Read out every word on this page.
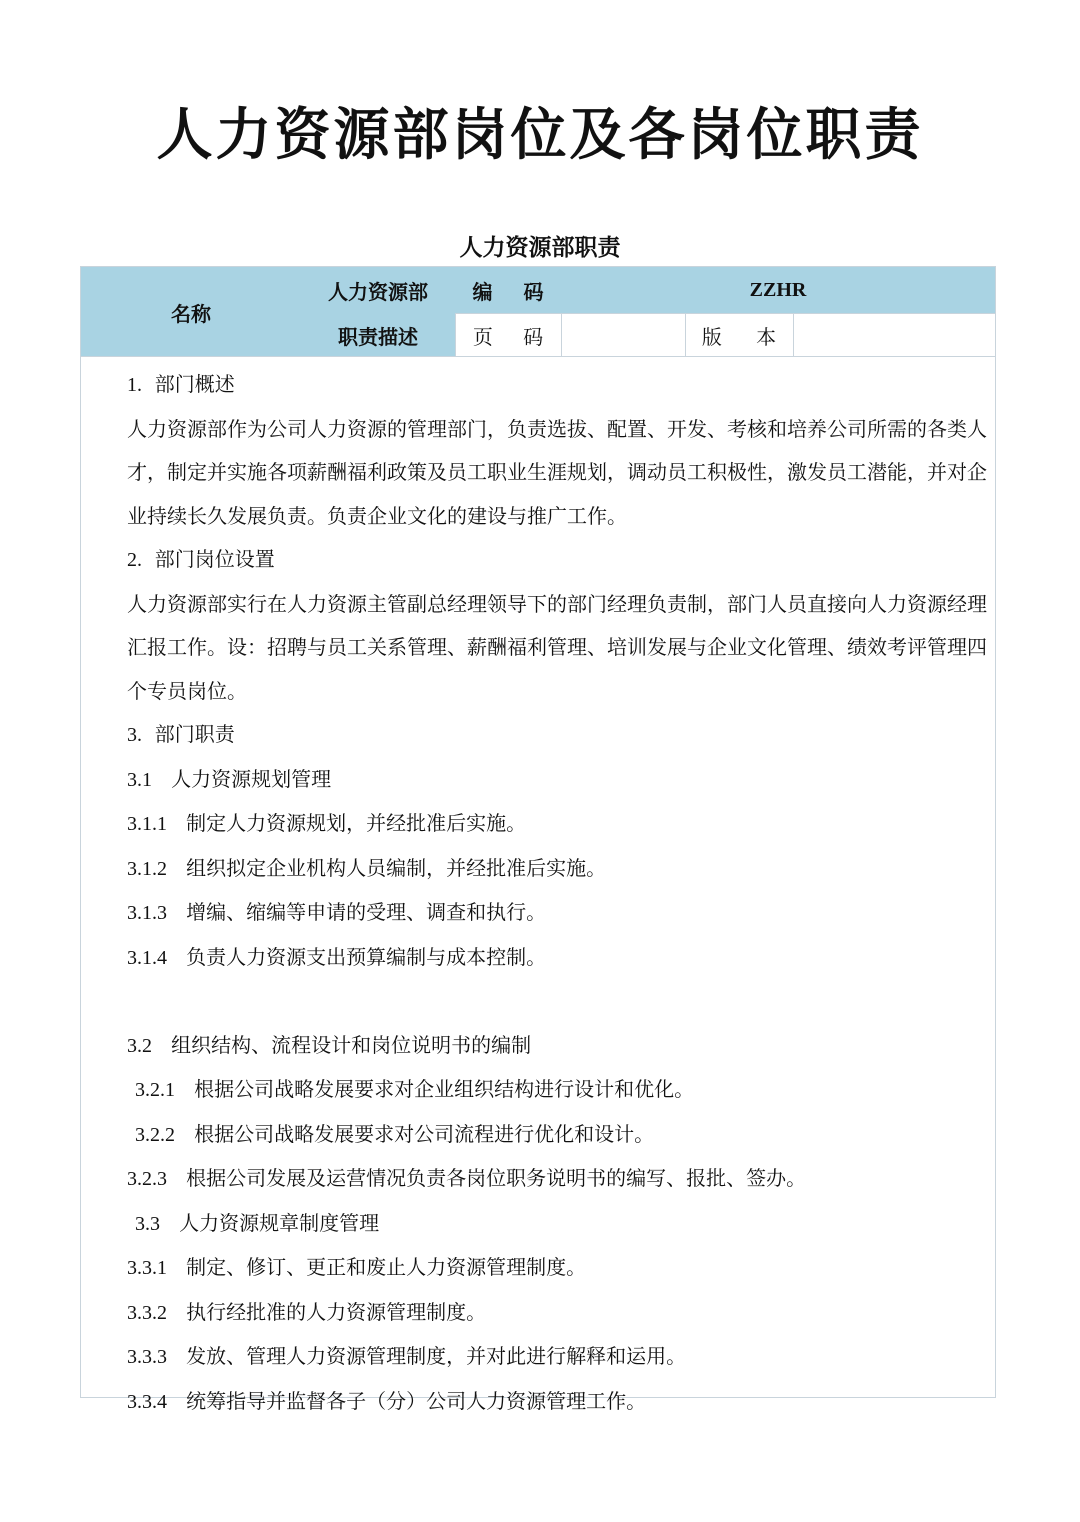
人力资源部岗位及各岗位职责
人力资源部职责
名称
人力资源部
职责描述
编 码	ZZHR
页 码	版 本

1. 部门概述

人力资源部作为公司人力资源的管理部门，负责选拔、配置、开发、考核和培养公司所需的各类人才，制定并实施各项薪酬福利政策及员工职业生涯规划，调动员工积极性，激发员工潜能，并对企业持续长久发展负责。负责企业文化的建设与推广工作。

2. 部门岗位设置

人力资源部实行在人力资源主管副总经理领导下的部门经理负责制，部门人员直接向人力资源经理汇报工作。设：招聘与员工关系管理、薪酬福利管理、培训发展与企业文化管理、绩效考评管理四个专员岗位。

3. 部门职责

3.1 人力资源规划管理

3.1.1 制定人力资源规划，并经批准后实施。

3.1.2 组织拟定企业机构人员编制，并经批准后实施。

3.1.3 增编、缩编等申请的受理、调查和执行。

3.1.4 负责人力资源支出预算编制与成本控制。

3.2 组织结构、流程设计和岗位说明书的编制

3.2.1 根据公司战略发展要求对企业组织结构进行设计和优化。

3.2.2 根据公司战略发展要求对公司流程进行优化和设计。

3.2.3 根据公司发展及运营情况负责各岗位职务说明书的编写、报批、签办。

3.3 人力资源规章制度管理

3.3.1 制定、修订、更正和废止人力资源管理制度。

3.3.2 执行经批准的人力资源管理制度。

3.3.3 发放、管理人力资源管理制度，并对此进行解释和运用。

3.3.4 统筹指导并监督各子（分）公司人力资源管理工作。
